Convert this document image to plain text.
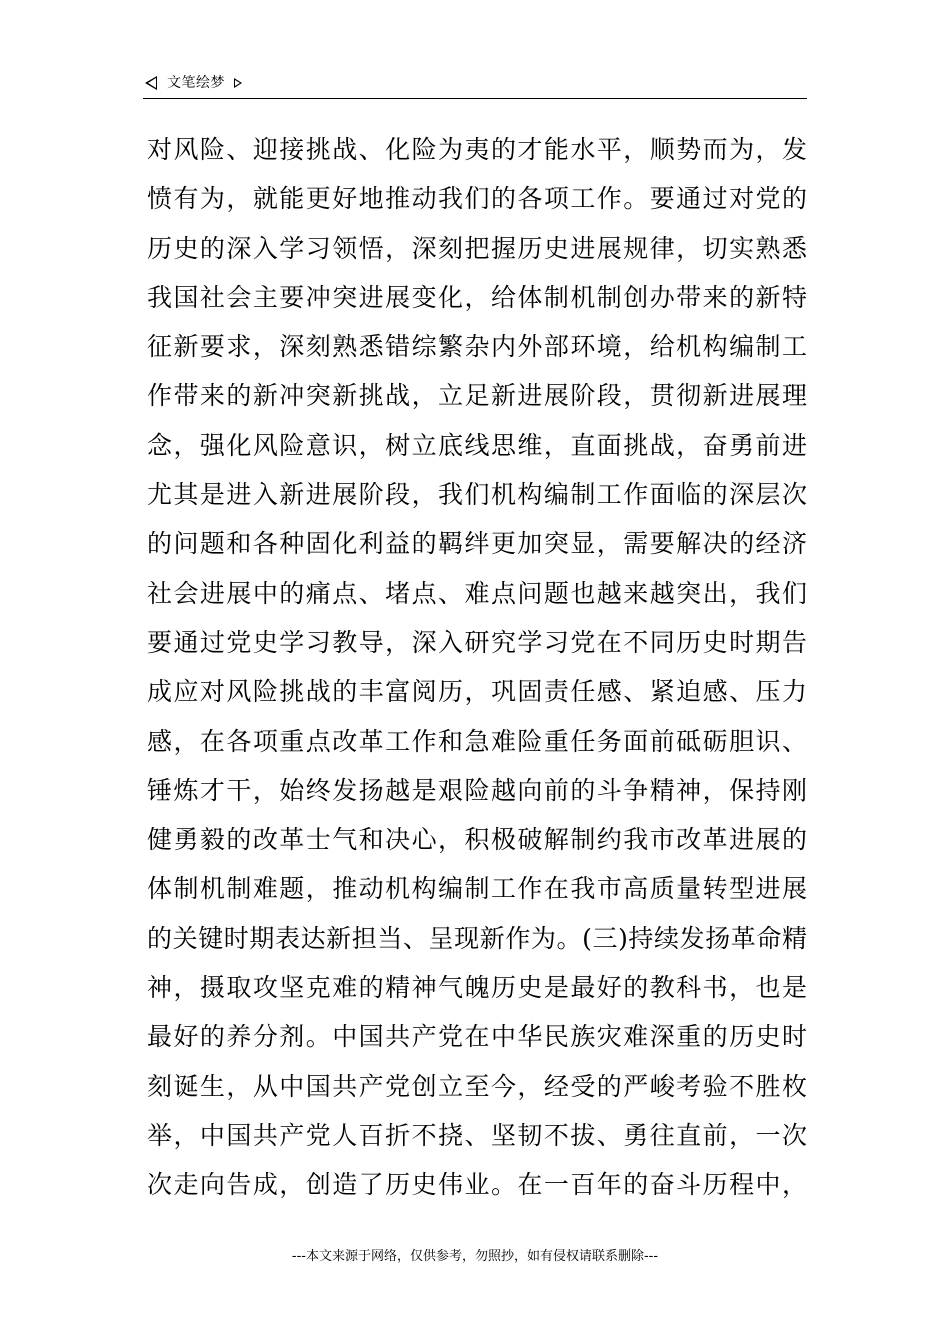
文笔绘梦
对风险、迎接挑战、化险为夷的才能水平，顺势而为，发
愤有为，就能更好地推动我们的各项工作。要通过对党的
历史的深入学习领悟，深刻把握历史进展规律，切实熟悉
我国社会主要冲突进展变化，给体制机制创办带来的新特
征新要求，深刻熟悉错综繁杂内外部环境，给机构编制工
作带来的新冲突新挑战，立足新进展阶段，贯彻新进展理
念，强化风险意识，树立底线思维，直面挑战，奋勇前进
尤其是进入新进展阶段，我们机构编制工作面临的深层次
的问题和各种固化利益的羁绊更加突显，需要解决的经济
社会进展中的痛点、堵点、难点问题也越来越突出，我们
要通过党史学习教导，深入研究学习党在不同历史时期告
成应对风险挑战的丰富阅历，巩固责任感、紧迫感、压力
感，在各项重点改革工作和急难险重任务面前砥砺胆识、
锤炼才干，始终发扬越是艰险越向前的斗争精神，保持刚
健勇毅的改革士气和决心，积极破解制约我市改革进展的
体制机制难题，推动机构编制工作在我市高质量转型进展
的关键时期表达新担当、呈现新作为。(三)持续发扬革命精
神，摄取攻坚克难的精神气魄历史是最好的教科书，也是
最好的养分剂。中国共产党在中华民族灾难深重的历史时
刻诞生，从中国共产党创立至今，经受的严峻考验不胜枚
举，中国共产党人百折不挠、坚韧不拔、勇往直前，一次
次走向告成，创造了历史伟业。在一百年的奋斗历程中，
---本文来源于网络，仅供参考，勿照抄，如有侵权请联系删除---
